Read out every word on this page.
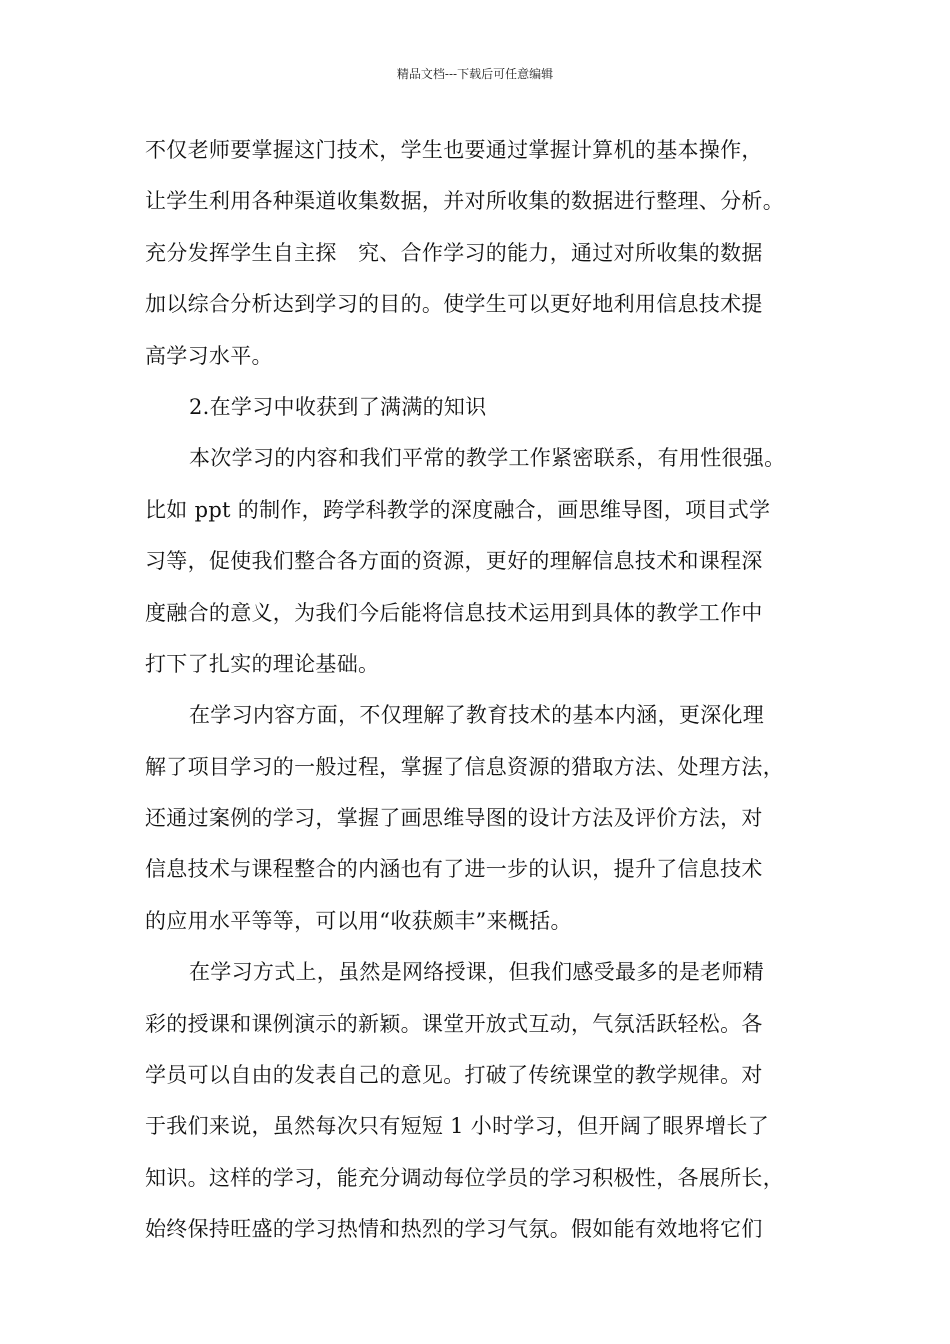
精品文档---下载后可任意编辑
不仅老师要掌握这门技术，学生也要通过掌握计算机的基本操作，
让学生利用各种渠道收集数据，并对所收集的数据进行整理、分析。
充分发挥学生自主探　究、合作学习的能力，通过对所收集的数据
加以综合分析达到学习的目的。使学生可以更好地利用信息技术提
高学习水平。
2.在学习中收获到了满满的知识
本次学习的内容和我们平常的教学工作紧密联系，有用性很强。
比如 ppt 的制作，跨学科教学的深度融合，画思维导图，项目式学
习等，促使我们整合各方面的资源，更好的理解信息技术和课程深
度融合的意义，为我们今后能将信息技术运用到具体的教学工作中
打下了扎实的理论基础。
在学习内容方面，不仅理解了教育技术的基本内涵，更深化理
解了项目学习的一般过程，掌握了信息资源的猎取方法、处理方法，
还通过案例的学习，掌握了画思维导图的设计方法及评价方法，对
信息技术与课程整合的内涵也有了进一步的认识，提升了信息技术
的应用水平等等，可以用“收获颇丰”来概括。
在学习方式上，虽然是网络授课，但我们感受最多的是老师精
彩的授课和课例演示的新颖。课堂开放式互动，气氛活跃轻松。各
学员可以自由的发表自己的意见。打破了传统课堂的教学规律。对
于我们来说，虽然每次只有短短 1 小时学习，但开阔了眼界增长了
知识。这样的学习，能充分调动每位学员的学习积极性，各展所长，
始终保持旺盛的学习热情和热烈的学习气氛。假如能有效地将它们
